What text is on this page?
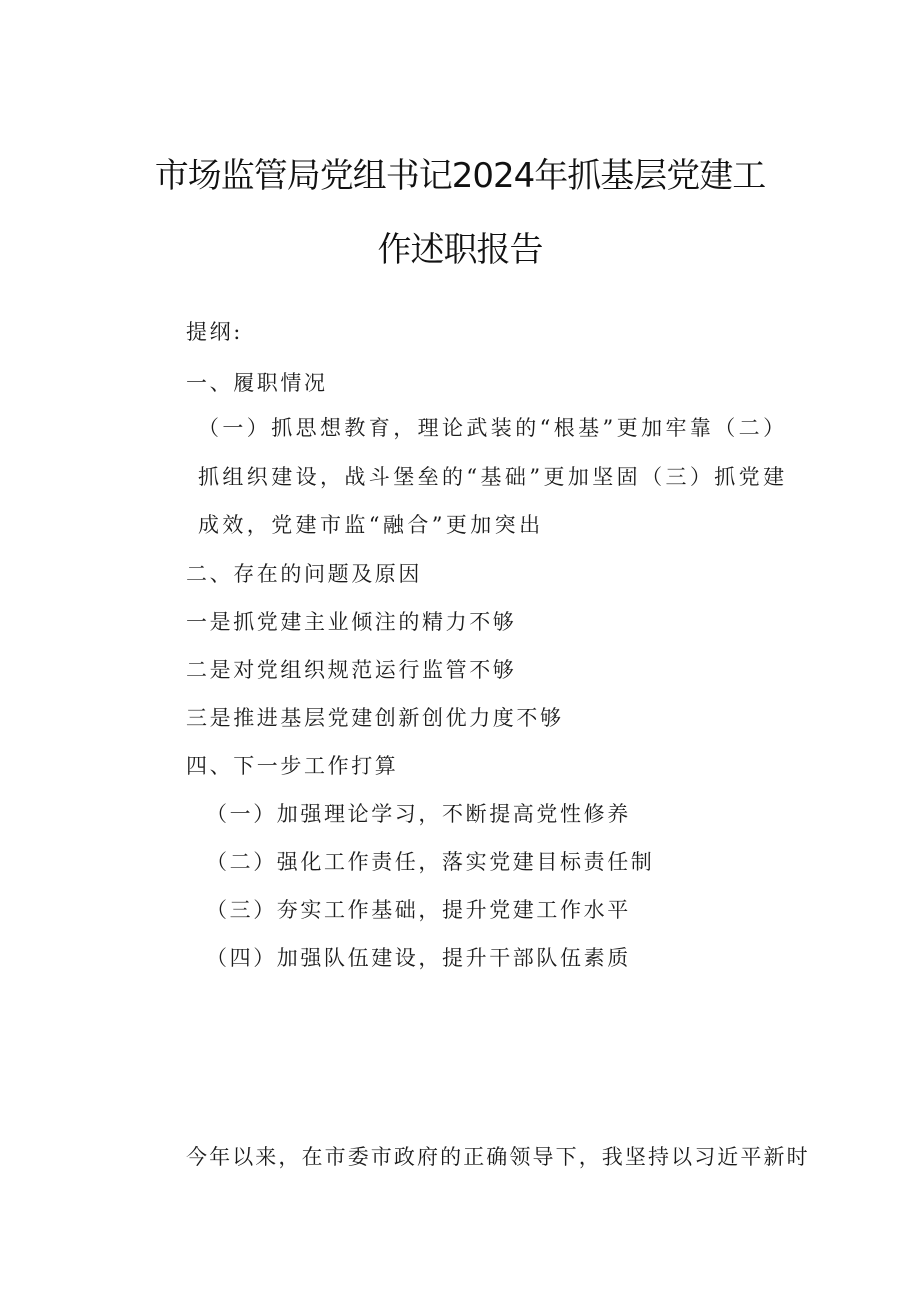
市场监管局党组书记2024年抓基层党建工
作述职报告
提纲:
一、履职情况
（一）抓思想教育，理论武装的“根基”更加牢靠（二）
抓组织建设，战斗堡垒的“基础”更加坚固（三）抓党建
成效，党建市监“融合”更加突出
二、存在的问题及原因
一是抓党建主业倾注的精力不够
二是对党组织规范运行监管不够
三是推进基层党建创新创优力度不够
四、下一步工作打算
（一）加强理论学习，不断提高党性修养
（二）强化工作责任，落实党建目标责任制
（三）夯实工作基础，提升党建工作水平
（四）加强队伍建设，提升干部队伍素质
今年以来，在市委市政府的正确领导下，我坚持以习近平新时
